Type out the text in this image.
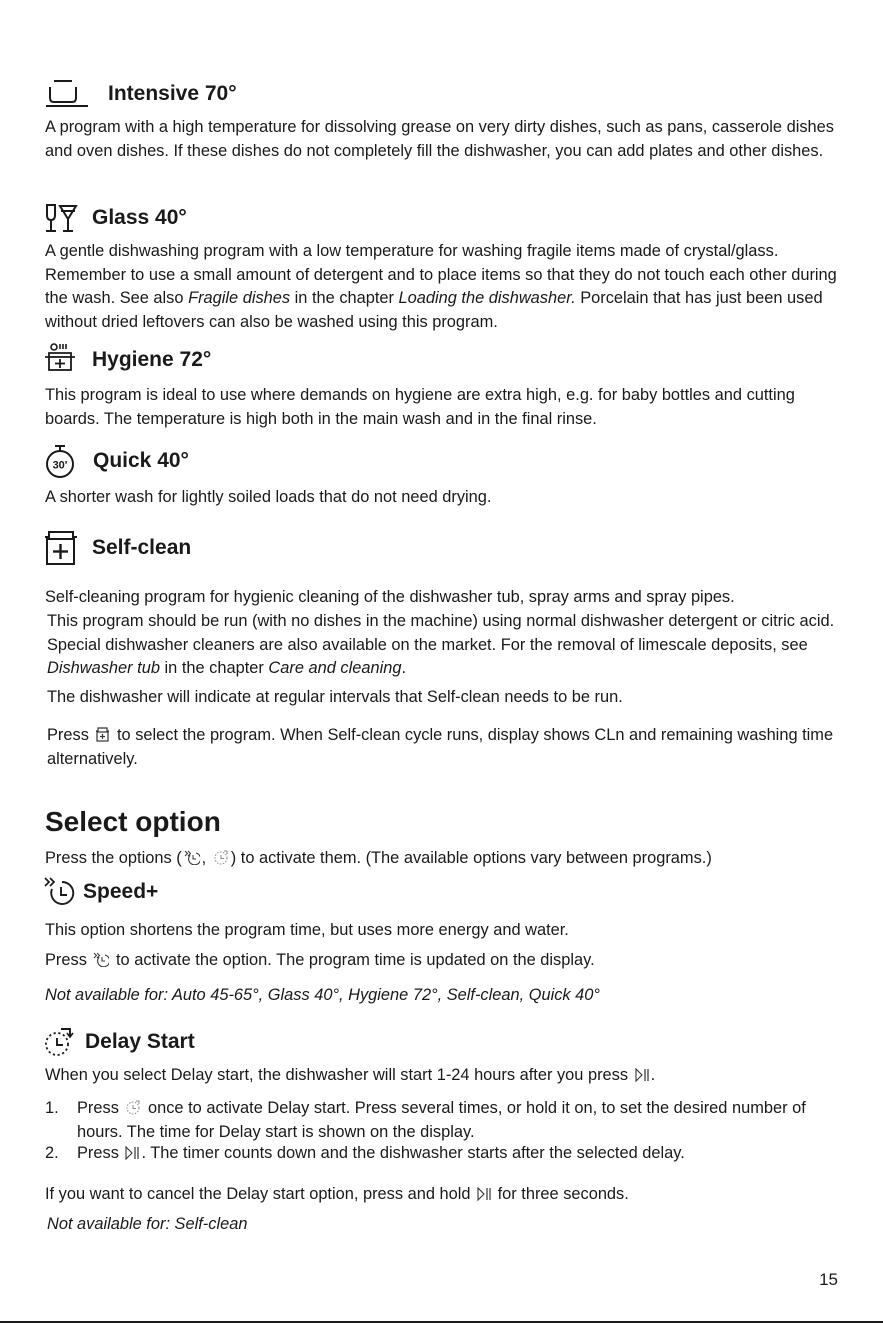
Intensive 70°

A program with a high temperature for dissolving grease on very dirty dishes, such as pans, casserole dishes and oven dishes. If these dishes do not completely fill the dishwasher, you can add plates and other dishes.

Glass 40°

A gentle dishwashing program with a low temperature for washing fragile items made of crystal/glass. Remember to use a small amount of detergent and to place items so that they do not touch each other during the wash. See also Fragile dishes in the chapter Loading the dishwasher. Porcelain that has just been used without dried leftovers can also be washed using this program.

Hygiene 72°

This program is ideal to use where demands on hygiene are extra high, e.g. for baby bottles and cutting boards. The temperature is high both in the main wash and in the final rinse.

30' Quick 40°

A shorter wash for lightly soiled loads that do not need drying.

Self-clean

Self-cleaning program for hygienic cleaning of the dishwasher tub, spray arms and spray pipes.

This program should be run (with no dishes in the machine) using normal dishwasher detergent or citric acid. Special dishwasher cleaners are also available on the market. For the removal of limescale deposits, see Dishwasher tub in the chapter Care and cleaning.

The dishwasher will indicate at regular intervals that Self-clean needs to be run.

Press
to select the program. When Self-clean cycle runs, display shows CLn and remaining washing time alternatively.

Select option

Press the options ( ,
) to activate them. (The available options vary between programs.)

Speed+

This option shortens the program time, but uses more energy and water.

Press
to activate the option. The program time is updated on the display.

Not available for: Auto 45-65°, Glass 40°, Hygiene 72°, Self-clean, Quick 40°

Delay Start

When you select Delay start, the dishwasher will start 1-24 hours after you press
.

1. Press
once to activate Delay start. Press several times, or hold it on, to set the desired number of hours. The time for Delay start is shown on the display.

2. Press
. The timer counts down and the dishwasher starts after the selected delay.

If you want to cancel the Delay start option, press and hold
for three seconds.

Not available for: Self-clean

15
